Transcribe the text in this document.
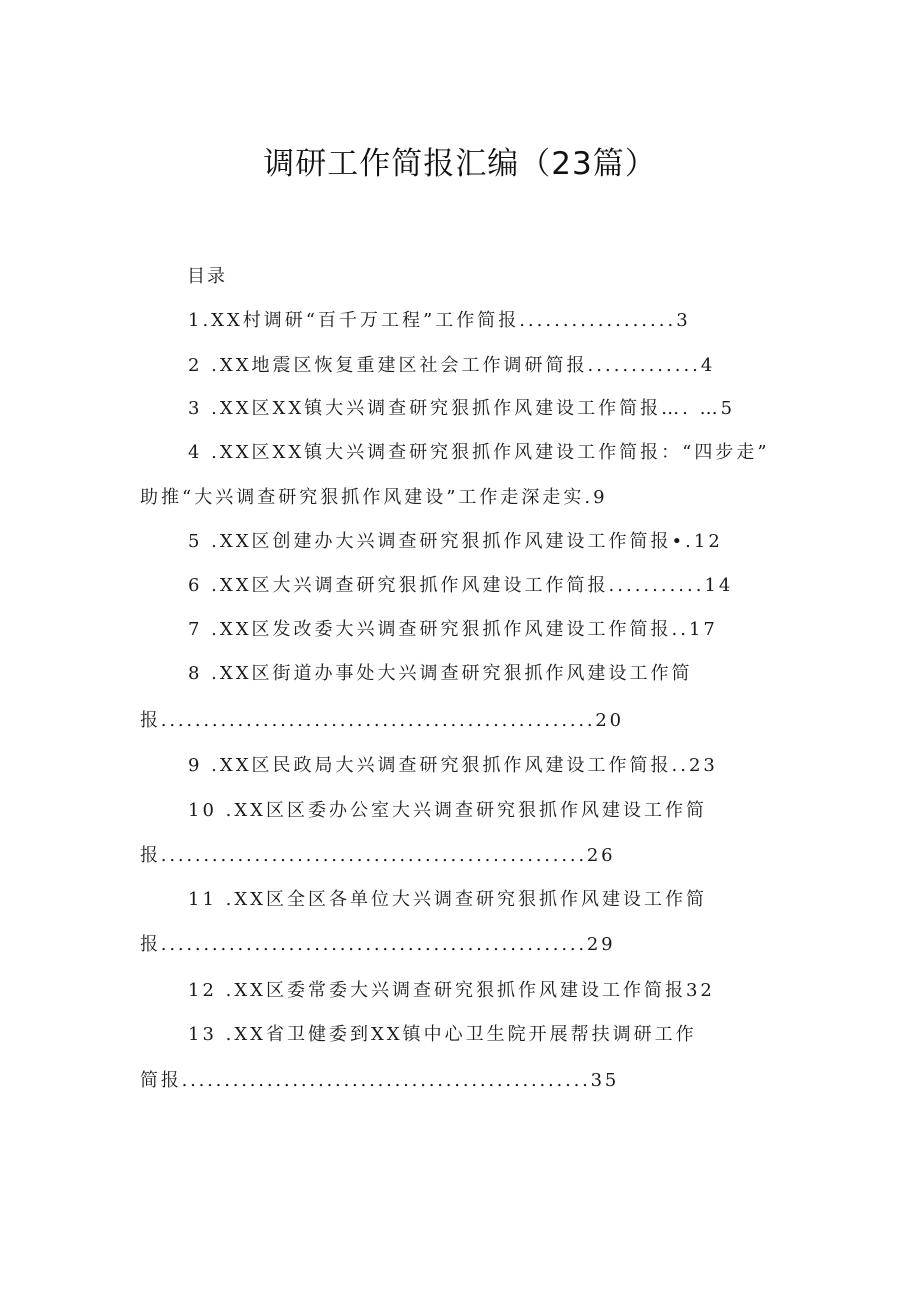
调研工作简报汇编（23篇）
目录
1.XX村调研“百千万工程”工作简报..................3
2 .XX地震区恢复重建区社会工作调研简报.............4
3 .XX区XX镇大兴调查研究狠抓作风建设工作简报…. …5
4 .XX区XX镇大兴调查研究狠抓作风建设工作简报：“四步走”
助推“大兴调查研究狠抓作风建设”工作走深走实.9
5 .XX区创建办大兴调查研究狠抓作风建设工作简报•.12
6 .XX区大兴调查研究狠抓作风建设工作简报...........14
7 .XX区发改委大兴调查研究狠抓作风建设工作简报..17
8 .XX区街道办事处大兴调查研究狠抓作风建设工作简
报...................................................20
9 .XX区民政局大兴调查研究狠抓作风建设工作简报..23
10 .XX区区委办公室大兴调查研究狠抓作风建设工作简
报..................................................26
11 .XX区全区各单位大兴调查研究狠抓作风建设工作简
报..................................................29
12 .XX区委常委大兴调查研究狠抓作风建设工作简报32
13 .XX省卫健委到XX镇中心卫生院开展帮扶调研工作
简报................................................35
